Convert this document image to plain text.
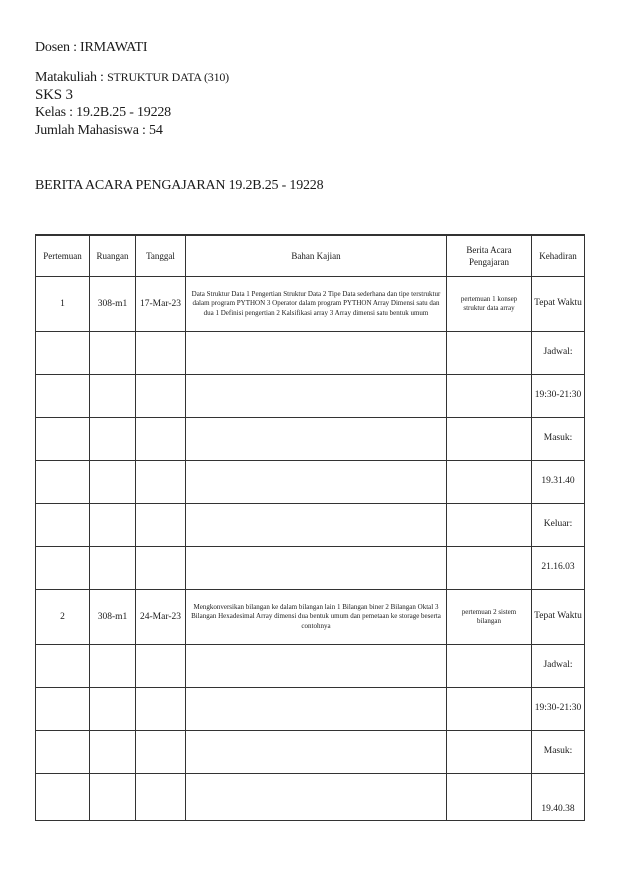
Dosen : IRMAWATI
Matakuliah : STRUKTUR DATA (310)
SKS 3
Kelas : 19.2B.25 - 19228
Jumlah Mahasiswa : 54
BERITA ACARA PENGAJARAN 19.2B.25 - 19228
Pertemuan	Ruangan	Tanggal	Bahan Kajian	Berita Acara Pengajaran	Kehadiran
1	308-m1	17-Mar-23	Data Struktur Data 1 Pengertian Struktur Data 2 Tipe Data sederhana dan tipe terstruktur dalam program PYTHON 3 Operator dalam program PYTHON Array Dimensi satu dan dua 1 Definisi pengertian 2 Kalsifikasi array 3 Array dimensi satu bentuk umum	pertemuan 1 konsep struktur data array	Tepat Waktu
					Jadwal:
					19:30-21:30
					Masuk:
					19.31.40
					Keluar:
					21.16.03
2	308-m1	24-Mar-23	Mengkonversikan bilangan ke dalam bilangan lain 1 Bilangan biner 2 Bilangan Oktal 3 Bilangan Hexadesimal Array dimensi dua bentuk umum dan pemetaan ke storage beserta contohnya	pertemuan 2 sistem bilangan	Tepat Waktu
					Jadwal:
					19:30-21:30
					Masuk:
					19.40.38
